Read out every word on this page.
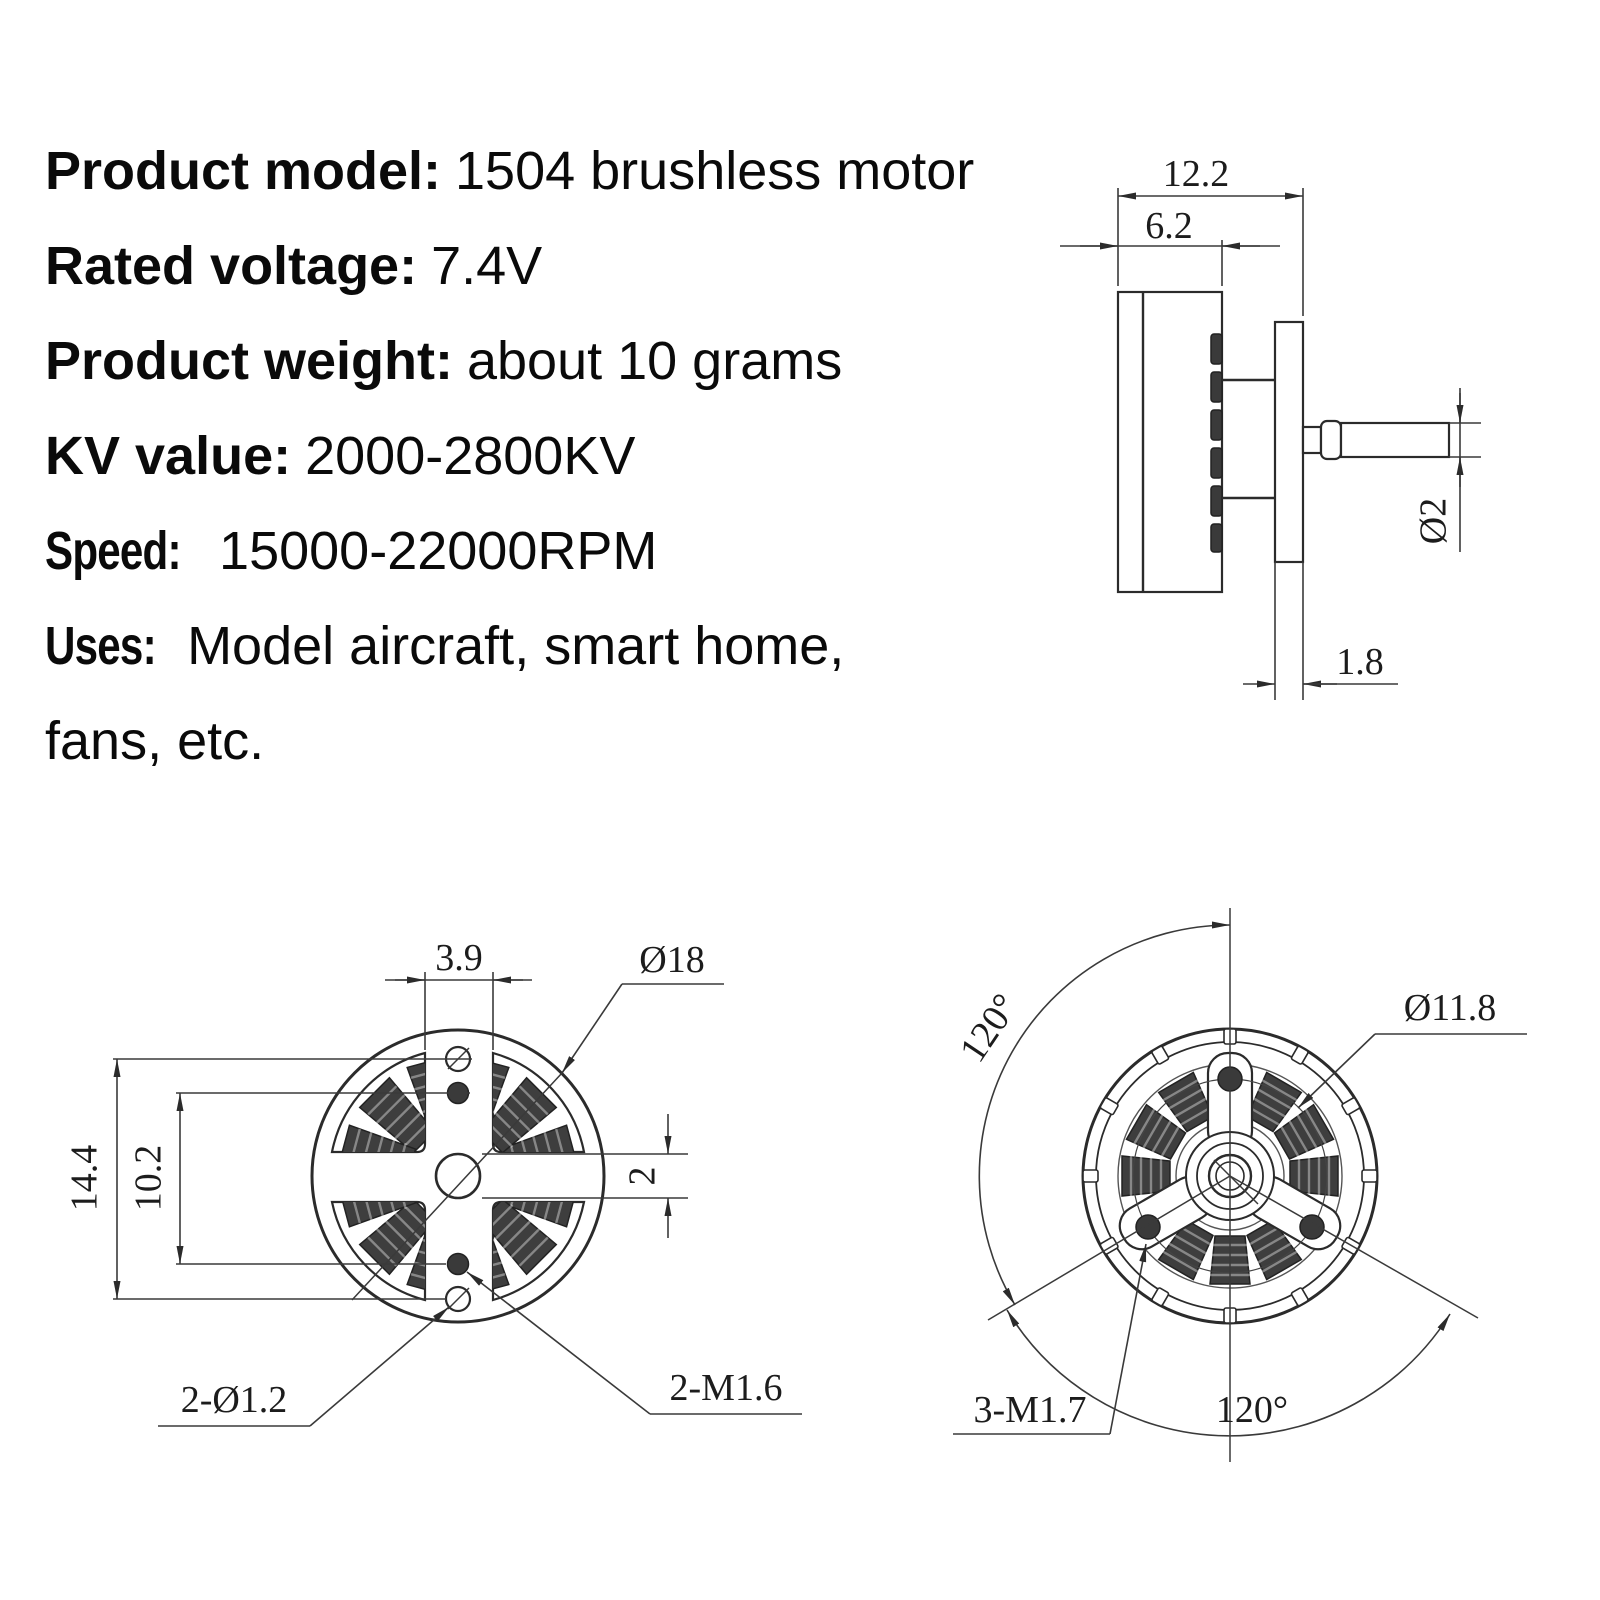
Product model: 1504 brushless motor
Rated voltage: 7.4V
Product weight: about 10 grams
KV value: 2000-2800KV
Speed: 15000-22000RPM
Uses: Model aircraft, smart home,
fans, etc.
12.2
6.2
Ø2
1.8
14.4 10.2
3.9	Ø18
2
2-Ø1.2	2-M1.6
120°
120°
Ø11.8
3-M1.7
